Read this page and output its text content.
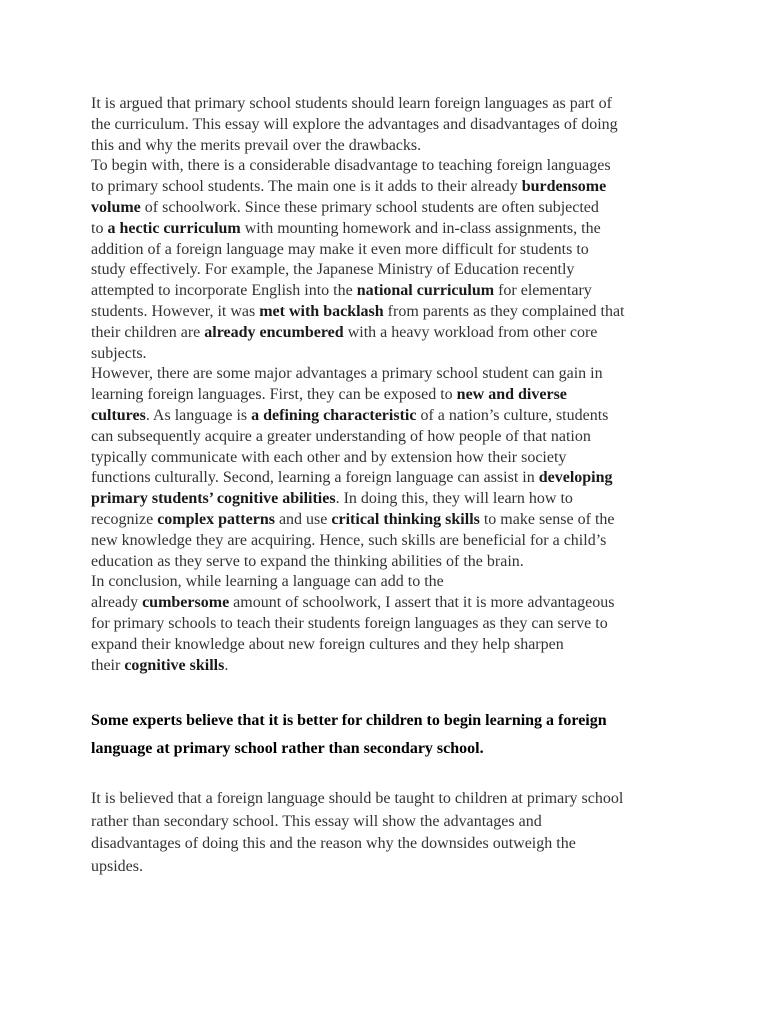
It is argued that primary school students should learn foreign languages as part of
the curriculum. This essay will explore the advantages and disadvantages of doing
this and why the merits prevail over the drawbacks.
To begin with, there is a considerable disadvantage to teaching foreign languages
to primary school students. The main one is it adds to their already burdensome
volume of schoolwork. Since these primary school students are often subjected
to a hectic curriculum with mounting homework and in-class assignments, the
addition of a foreign language may make it even more difficult for students to
study effectively. For example, the Japanese Ministry of Education recently
attempted to incorporate English into the national curriculum for elementary
students. However, it was met with backlash from parents as they complained that
their children are already encumbered with a heavy workload from other core
subjects.
However, there are some major advantages a primary school student can gain in
learning foreign languages. First, they can be exposed to new and diverse
cultures. As language is a defining characteristic of a nation’s culture, students
can subsequently acquire a greater understanding of how people of that nation
typically communicate with each other and by extension how their society
functions culturally. Second, learning a foreign language can assist in developing
primary students’ cognitive abilities. In doing this, they will learn how to
recognize complex patterns and use critical thinking skills to make sense of the
new knowledge they are acquiring. Hence, such skills are beneficial for a child’s
education as they serve to expand the thinking abilities of the brain.
In conclusion, while learning a language can add to the
already cumbersome amount of schoolwork, I assert that it is more advantageous
for primary schools to teach their students foreign languages as they can serve to
expand their knowledge about new foreign cultures and they help sharpen
their cognitive skills.
Some experts believe that it is better for children to begin learning a foreign
language at primary school rather than secondary school.
It is believed that a foreign language should be taught to children at primary school
rather than secondary school. This essay will show the advantages and
disadvantages of doing this and the reason why the downsides outweigh the
upsides.
